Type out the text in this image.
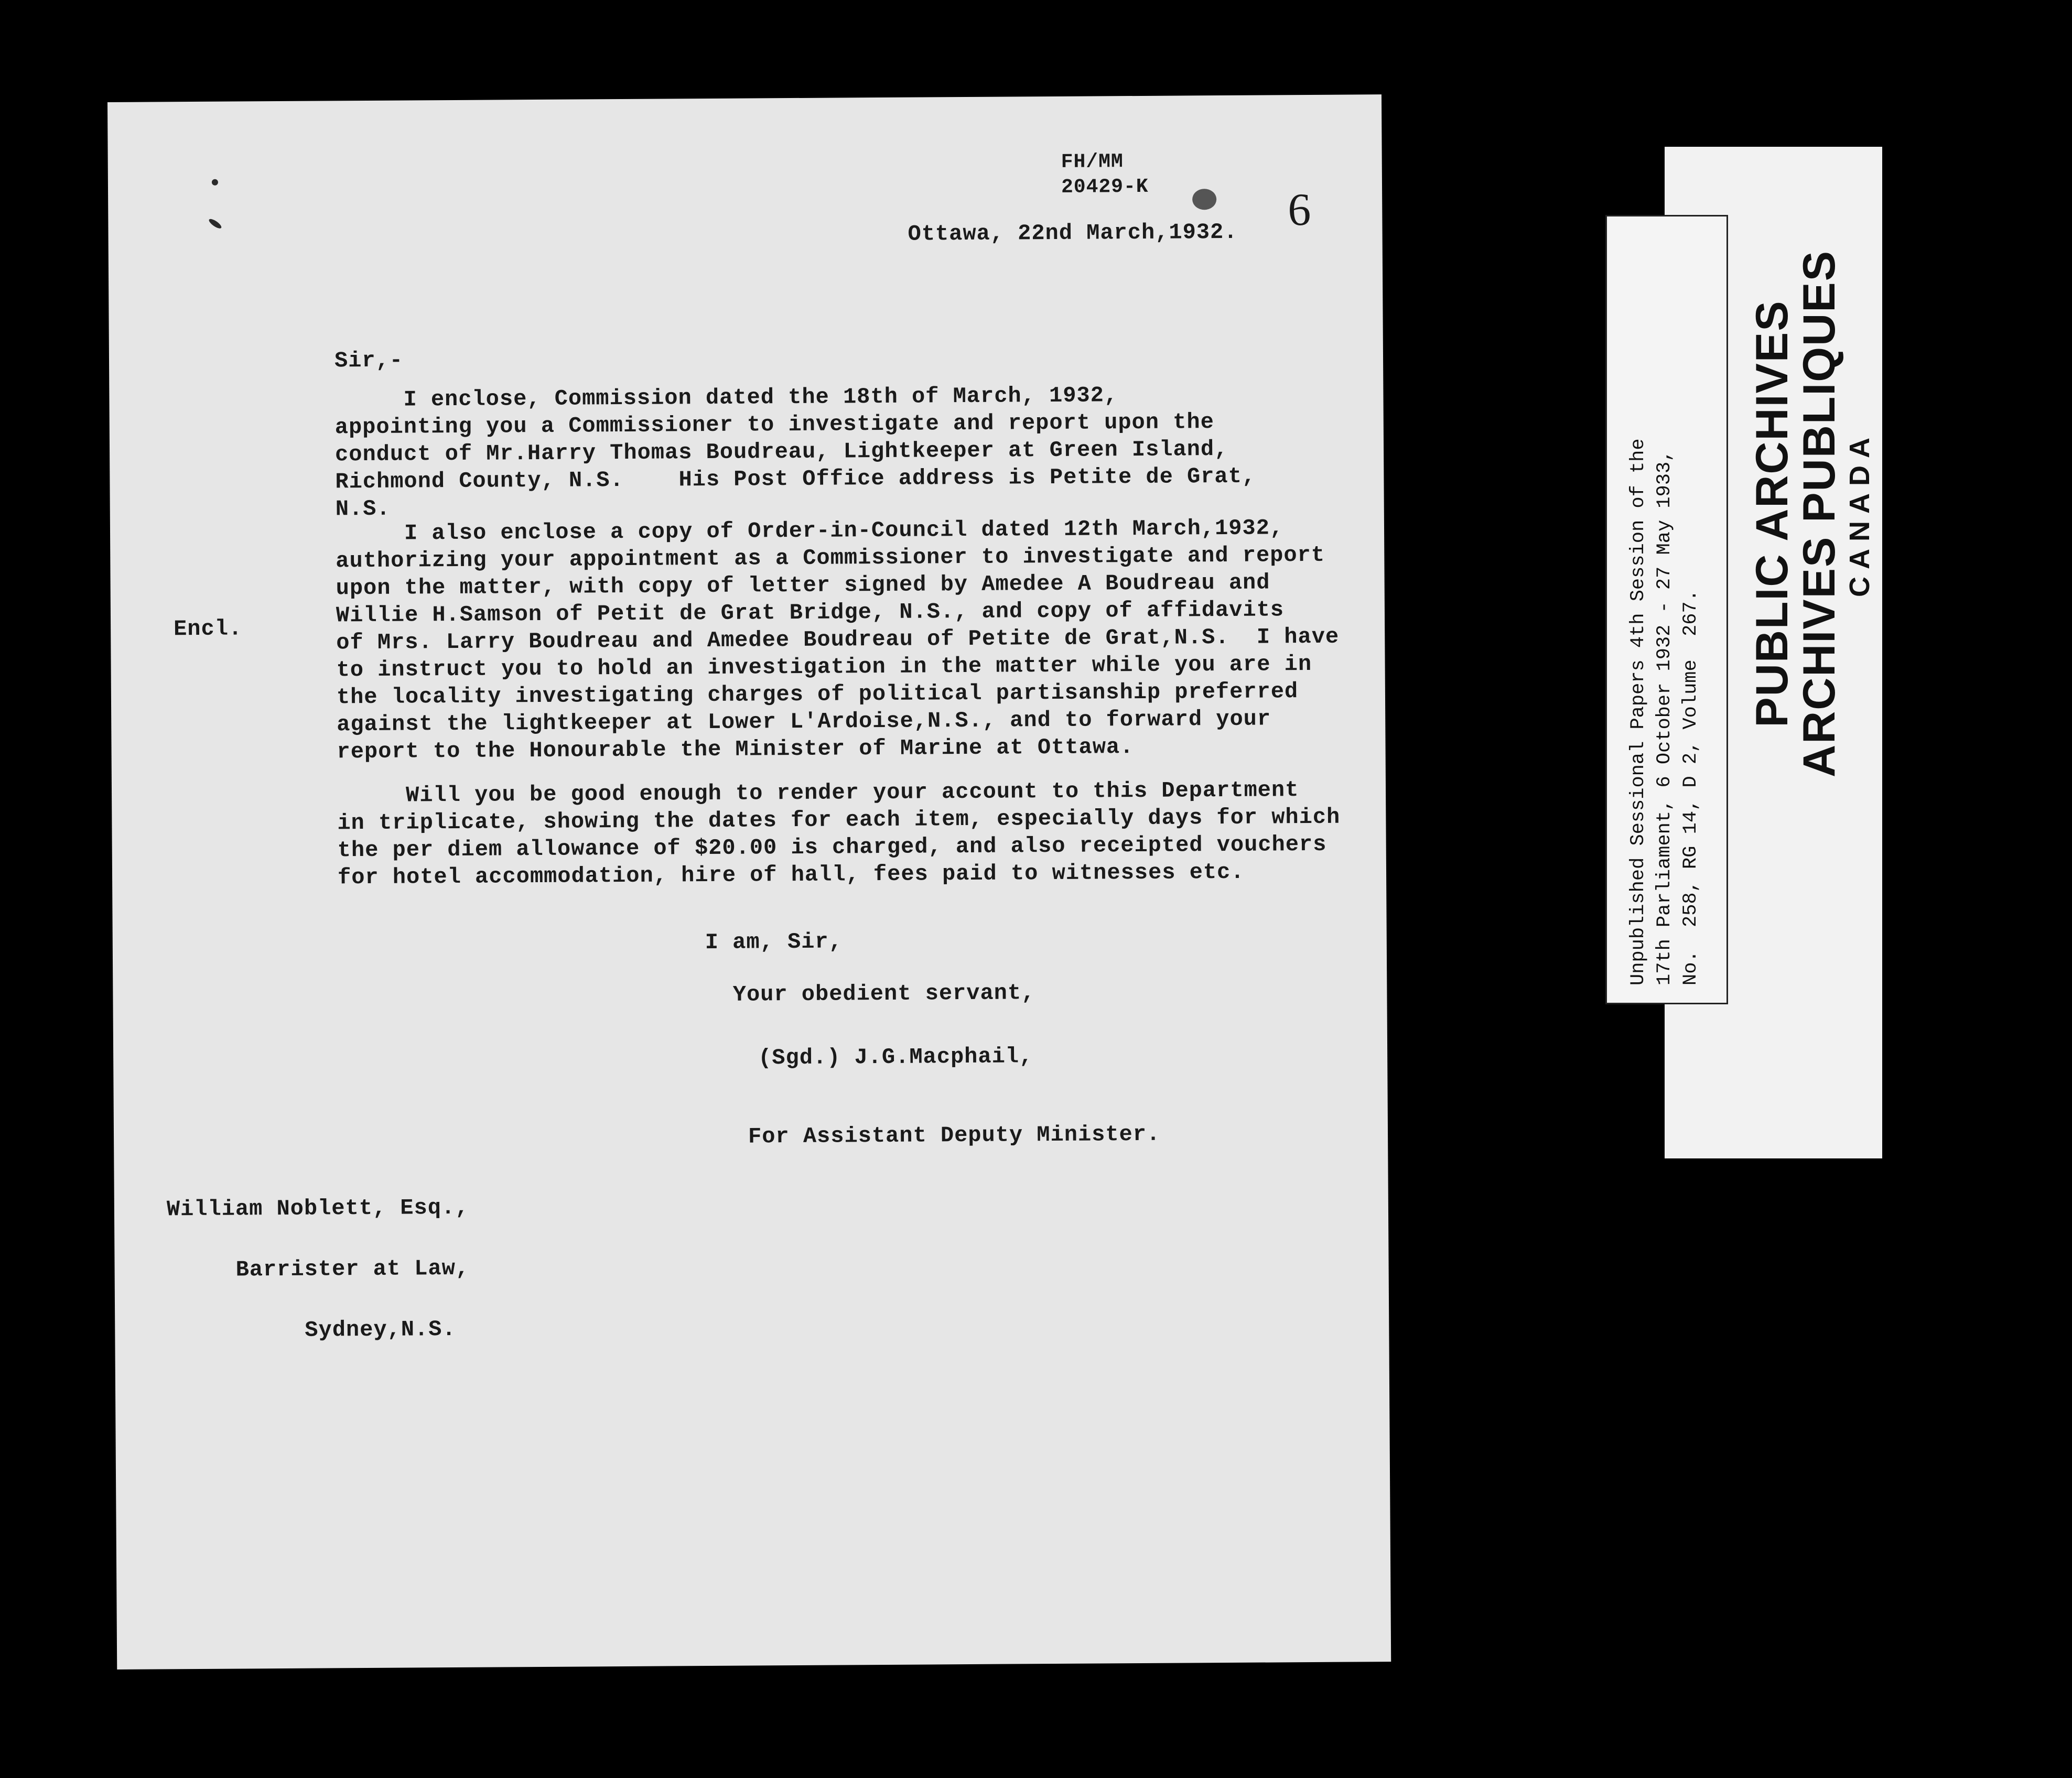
FH/MM
20429-K	6
Ottawa, 22nd March,1932.
Sir,-
I enclose, Commission dated the 18th of March, 1932,
appointing you a Commissioner to investigate and report upon the
conduct of Mr.Harry Thomas Boudreau, Lightkeeper at Green Island,
Richmond County, N.S.    His Post Office address is Petite de Grat,
N.S.
I also enclose a copy of Order-in-Council dated 12th March,1932,
authorizing your appointment as a Commissioner to investigate and report
upon the matter, with copy of letter signed by Amedee A Boudreau and
Willie H.Samson of Petit de Grat Bridge, N.S., and copy of affidavits
of Mrs. Larry Boudreau and Amedee Boudreau of Petite de Grat,N.S.  I have
to instruct you to hold an investigation in the matter while you are in
the locality investigating charges of political partisanship preferred
against the lightkeeper at Lower L'Ardoise,N.S., and to forward your
report to the Honourable the Minister of Marine at Ottawa.
Encl.
Will you be good enough to render your account to this Department
in triplicate, showing the dates for each item, especially days for which
the per diem allowance of $20.00 is charged, and also receipted vouchers
for hotel accommodation, hire of hall, fees paid to witnesses etc.
I am, Sir,
Your obedient servant,
(Sgd.) J.G.Macphail,
For Assistant Deputy Minister.
William Noblett, Esq.,
Barrister at Law,
Sydney,N.S.
PUBLIC ARCHIVES
ARCHIVES PUBLIQUES CANADA
Unpublished Sessional Papers 4th Session of the 17th Parliament, 6 October 1932 - 27 May 1933, No.  258, RG 14, D 2, Volume  267.
